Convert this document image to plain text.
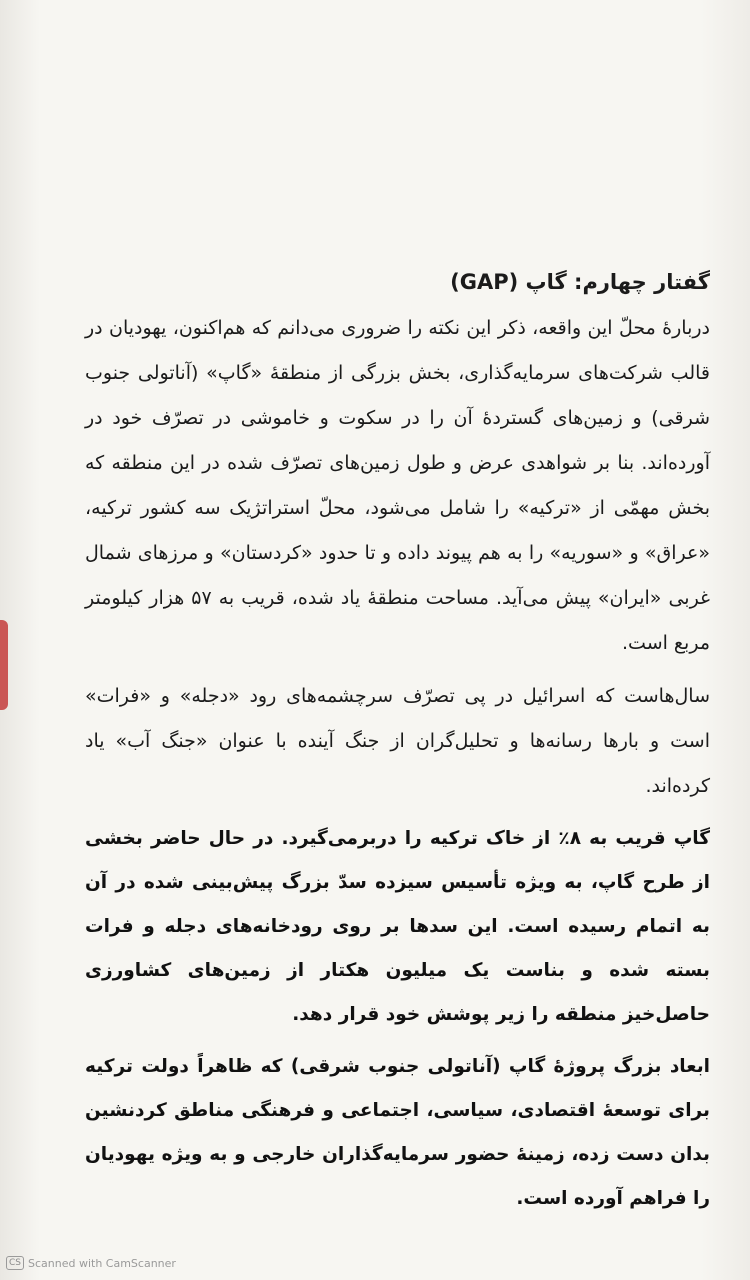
گفتار چهارم: گاپ (GAP)

دربارۀ محلّ این واقعه، ذکر این نکته را ضروری می‌دانم که هم‌اکنون، یهودیان در قالب شرکت‌های سرمایه‌گذاری، بخش بزرگی از منطقۀ «گاپ» (آناتولی جنوب شرقی) و زمین‌های گستردۀ آن را در سکوت و خاموشی در تصرّف خود در آورده‌اند. بنا بر شواهدی عرض و طول زمین‌های تصرّف شده در این منطقه که بخش مهمّی از «ترکیه» را شامل می‌شود، محلّ استراتژیک سه کشور ترکیه، «عراق» و «سوریه» را به هم پیوند داده و تا حدود «کردستان» و مرزهای شمال غربی «ایران» پیش می‌آید. مساحت منطقۀ یاد شده، قریب به ۵۷ هزار کیلومتر مربع است.

سال‌هاست که اسرائیل در پی تصرّف سرچشمه‌های رود «دجله» و «فرات» است و بارها رسانه‌ها و تحلیل‌گران از جنگ آینده با عنوان «جنگ آب» یاد کرده‌اند.

گاپ قریب به ۸٪ از خاک ترکیه را دربرمی‌گیرد. در حال حاضر بخشی از طرح گاپ، به ویژه تأسیس سیزده سدّ بزرگ پیش‌بینی شده در آن به اتمام رسیده است. این سدها بر روی رودخانه‌های دجله و فرات بسته شده و بناست یک میلیون هکتار از زمین‌های کشاورزی حاصل‌خیز منطقه را زیر پوشش خود قرار دهد.

ابعاد بزرگ پروژۀ گاپ (آناتولی جنوب شرقی) که ظاهراً دولت ترکیه برای توسعۀ اقتصادی، سیاسی، اجتماعی و فرهنگی مناطق کردنشین بدان دست زده، زمینۀ حضور سرمایه‌گذاران خارجی و به ویژه یهودیان را فراهم آورده است.

CS Scanned with CamScanner
